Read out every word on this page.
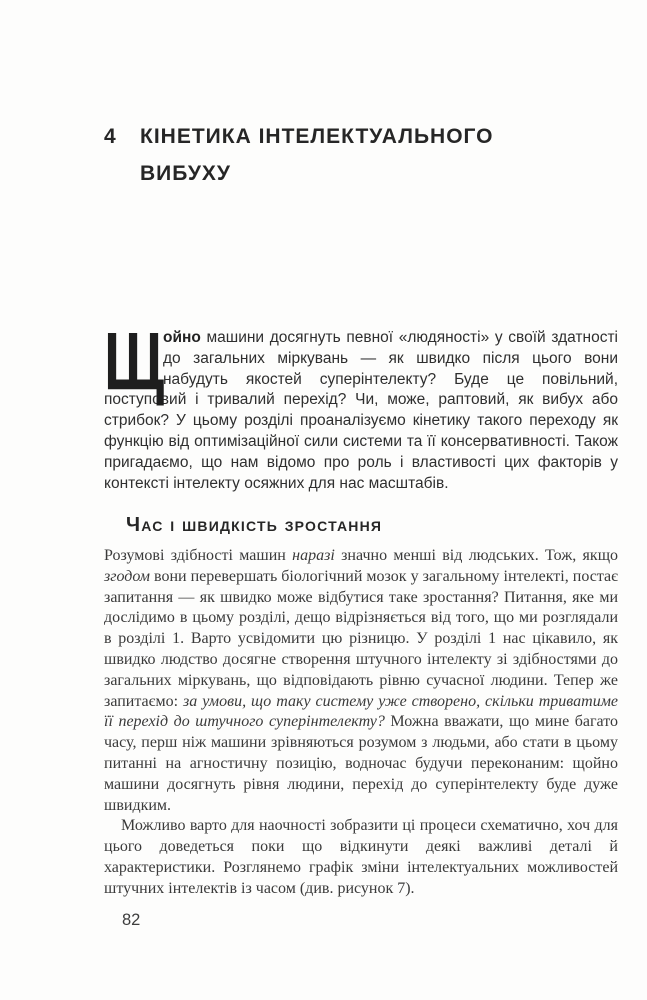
4	КІНЕТИКА ІНТЕЛЕКТУАЛЬНОГО ВИБУХУ

Щ
ойно машини досягнуть певної «людяності» у своїй здатності до загальних міркувань — як швидко після цього вони набудуть якостей суперінтелекту? Буде це повільний, поступовий і тривалий перехід? Чи, може, раптовий, як вибух або стрибок? У цьому розділі проаналізуємо кінетику такого переходу як функцію від оптимізаційної сили системи та її консервативності. Також пригадаємо, що нам відомо про роль і властивості цих факторів у контексті інтелекту осяжних для нас масштабів.

Час і швидкість зростання

Розумові здібності машин наразі значно менші від людських. Тож, якщо згодом вони перевершать біологічний мозок у загальному інтелекті, постає запитання — як швидко може відбутися таке зростання? Питання, яке ми дослідимо в цьому розділі, дещо відрізняється від того, що ми розглядали в розділі 1. Варто усвідомити цю різницю. У розділі 1 нас цікавило, як швидко людство досягне створення штучного інтелекту зі здібностями до загальних міркувань, що відповідають рівню сучасної людини. Тепер же запитаємо: за умови, що таку систему уже створено, скільки триватиме її перехід до штучного суперінтелекту? Можна вважати, що мине багато часу, перш ніж машини зрівняються розумом з людьми, або стати в цьому питанні на агностичну позицію, водночас будучи переконаним: щойно машини досягнуть рівня людини, перехід до суперінтелекту буде дуже швидким.

Можливо варто для наочності зобразити ці процеси схематично, хоч для цього доведеться поки що відкинути деякі важливі деталі й характеристики. Розглянемо графік зміни інтелектуальних можливостей штучних інтелектів із часом (див. рисунок 7).

82
